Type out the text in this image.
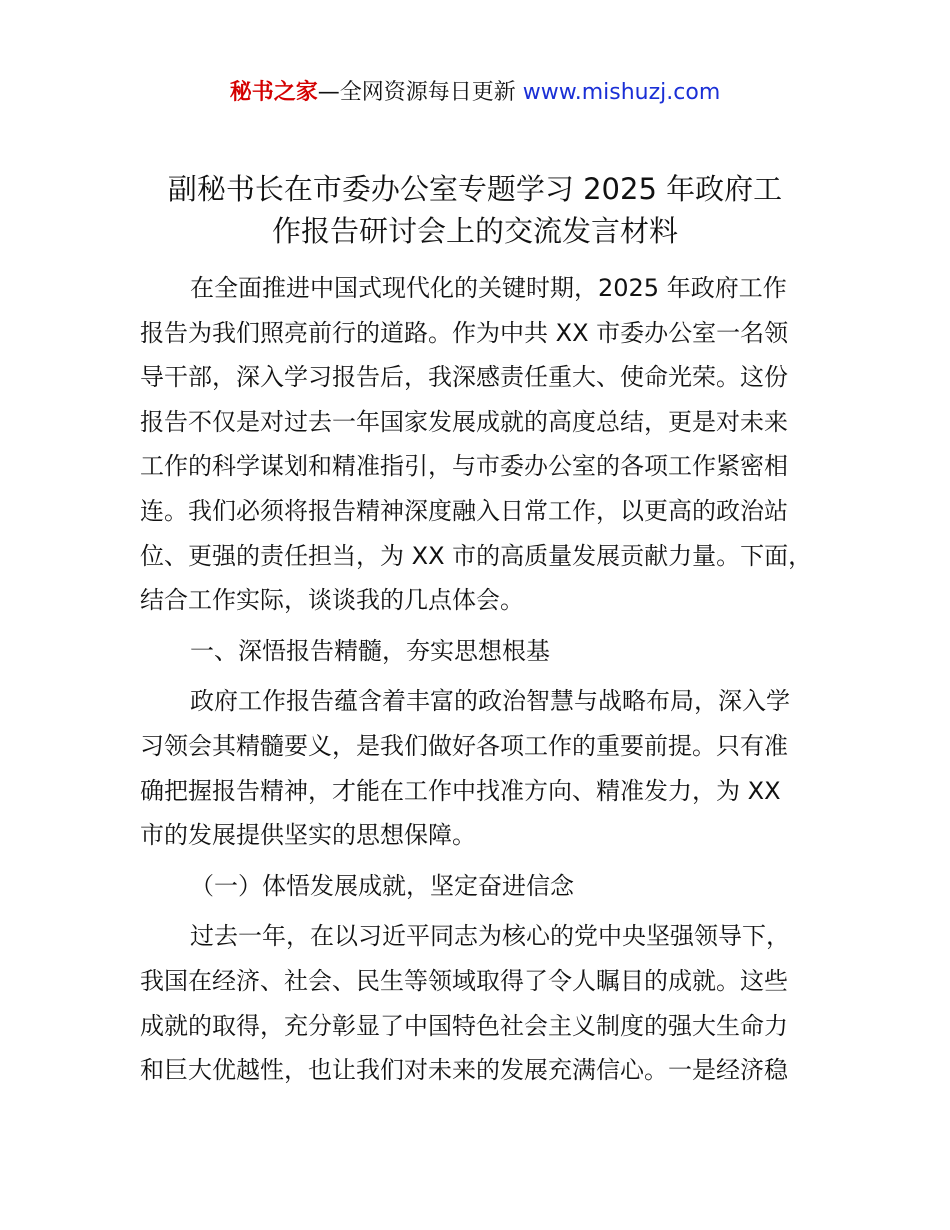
秘书之家—全网资源每日更新 www.mishuzj.com
副秘书长在市委办公室专题学习 2025 年政府工
作报告研讨会上的交流发言材料
在全面推进中国式现代化的关键时期，2025 年政府工作
报告为我们照亮前行的道路。作为中共 XX 市委办公室一名领
导干部，深入学习报告后，我深感责任重大、使命光荣。这份
报告不仅是对过去一年国家发展成就的高度总结，更是对未来
工作的科学谋划和精准指引，与市委办公室的各项工作紧密相
连。我们必须将报告精神深度融入日常工作，以更高的政治站
位、更强的责任担当，为 XX 市的高质量发展贡献力量。下面，
结合工作实际，谈谈我的几点体会。
一、深悟报告精髓，夯实思想根基
政府工作报告蕴含着丰富的政治智慧与战略布局，深入学
习领会其精髓要义，是我们做好各项工作的重要前提。只有准
确把握报告精神，才能在工作中找准方向、精准发力，为 XX
市的发展提供坚实的思想保障。
（一）体悟发展成就，坚定奋进信念
过去一年，在以习近平同志为核心的党中央坚强领导下，
我国在经济、社会、民生等领域取得了令人瞩目的成就。这些
成就的取得，充分彰显了中国特色社会主义制度的强大生命力
和巨大优越性，也让我们对未来的发展充满信心。一是经济稳
